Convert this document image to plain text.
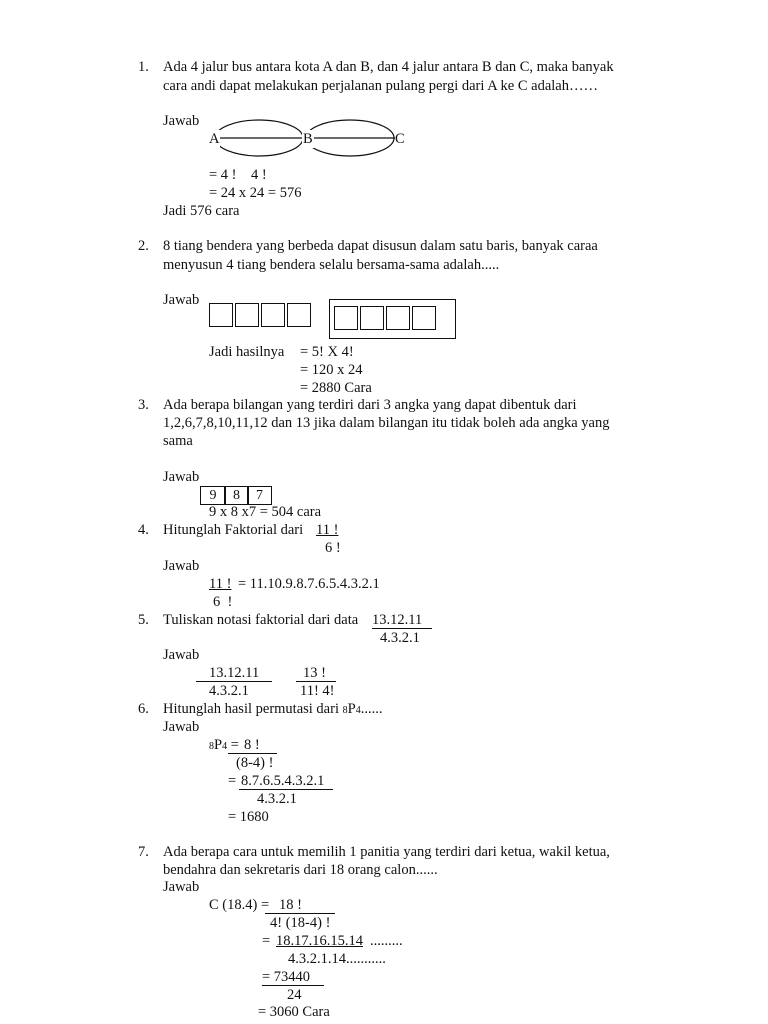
1. Ada 4 jalur bus antara kota A dan B, dan 4 jalur antara B dan C, maka banyak
cara andi dapat melakukan perjalanan pulang pergi dari A ke C adalah……
Jawab
A	B	C
= 4 !    4 !
= 24 x 24 = 576
Jadi 576 cara
2. 8 tiang bendera yang berbeda dapat disusun dalam satu baris, banyak caraa
menyusun 4 tiang bendera selalu bersama-sama adalah.....
Jawab
Jadi hasilnya = 5! X 4!
= 120 x 24
= 2880 Cara
3. Ada berapa bilangan yang terdiri dari 3 angka yang dapat dibentuk dari
1,2,6,7,8,10,11,12 dan 13 jika dalam bilangan itu tidak boleh ada angka yang
sama
Jawab
9	8	7
9 x 8 x7 = 504 cara
4. Hitunglah Faktorial dari 11 !
6 !
Jawab
11 ! = 11.10.9.8.7.6.5.4.3.2.1
6  !
5. Tuliskan notasi faktorial dari data 13.12.11
4.3.2.1
Jawab
13.12.11
4.3.2.1
13 !
11! 4!
6. Hitunglah hasil permutasi dari 8P4......
Jawab
8P4 = 8 !
(8-4) !
= 8.7.6.5.4.3.2.1
4.3.2.1
= 1680
7. Ada berapa cara untuk memilih 1 panitia yang terdiri dari ketua, wakil ketua,
bendahra dan sekretaris dari 18 orang calon......
Jawab
C (18.4) = 18 !
4! (18-4) !
= 18.17.16.15.14 .........
4.3.2.1.14...........
= 73440
24
= 3060 Cara
